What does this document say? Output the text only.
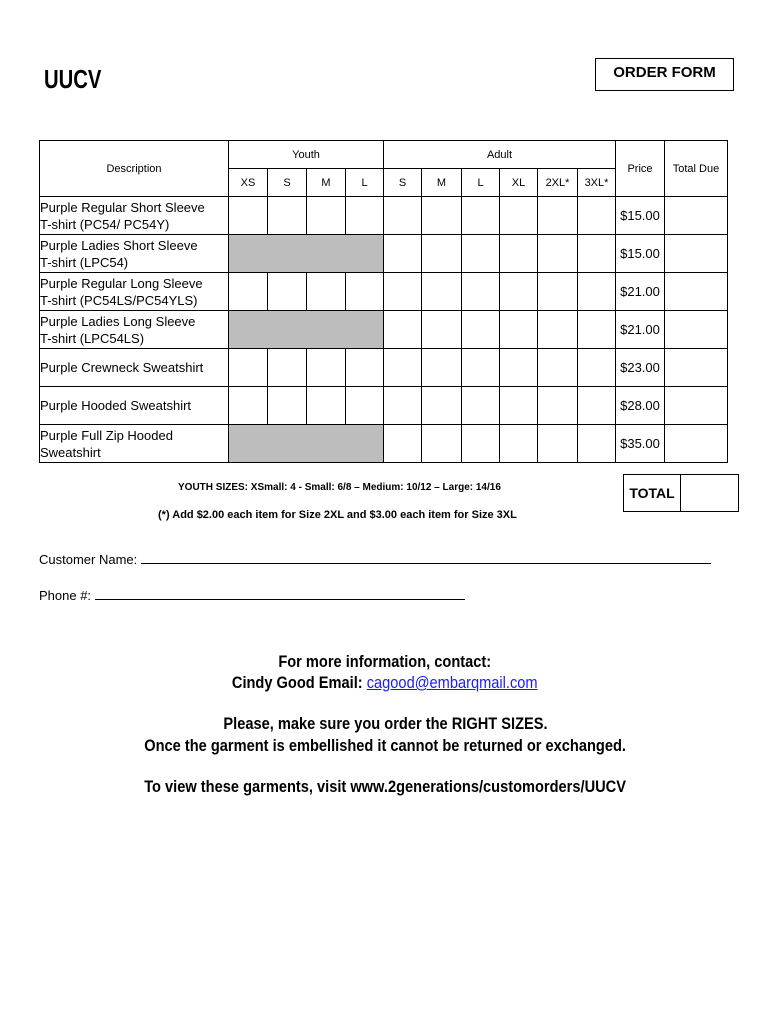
UUCV	ORDER FORM
Description	Youth				Adult						Price	Total Due
	XS	S	M	L	S	M	L	XL	2XL*	3XL*		

Purple Regular Short Sleeve
T-shirt (PC54/ PC54Y)											$15.00	

Purple Ladies Short Sleeve
T-shirt (LPC54)											$15.00	

Purple Regular Long Sleeve
T-shirt (PC54LS/PC54YLS)											$21.00	

Purple Ladies Long Sleeve
T-shirt (LPC54LS)											$21.00	

Purple Crewneck Sweatshirt											$23.00	

Purple Hooded Sweatshirt											$28.00	

Purple Full Zip Hooded
Sweatshirt											$35.00	
YOUTH SIZES: XSmall: 4 - Small: 6/8 – Medium: 10/12 – Large: 14/16	TOTAL
(*) Add $2.00 each item for Size 2XL and $3.00 each item for Size 3XL
Customer Name:
Phone #:
For more information, contact:
Cindy Good Email: cagood@embarqmail.com
Please, make sure you order the RIGHT SIZES.
Once the garment is embellished it cannot be returned or exchanged.
To view these garments, visit www.2generations/customorders/UUCV
